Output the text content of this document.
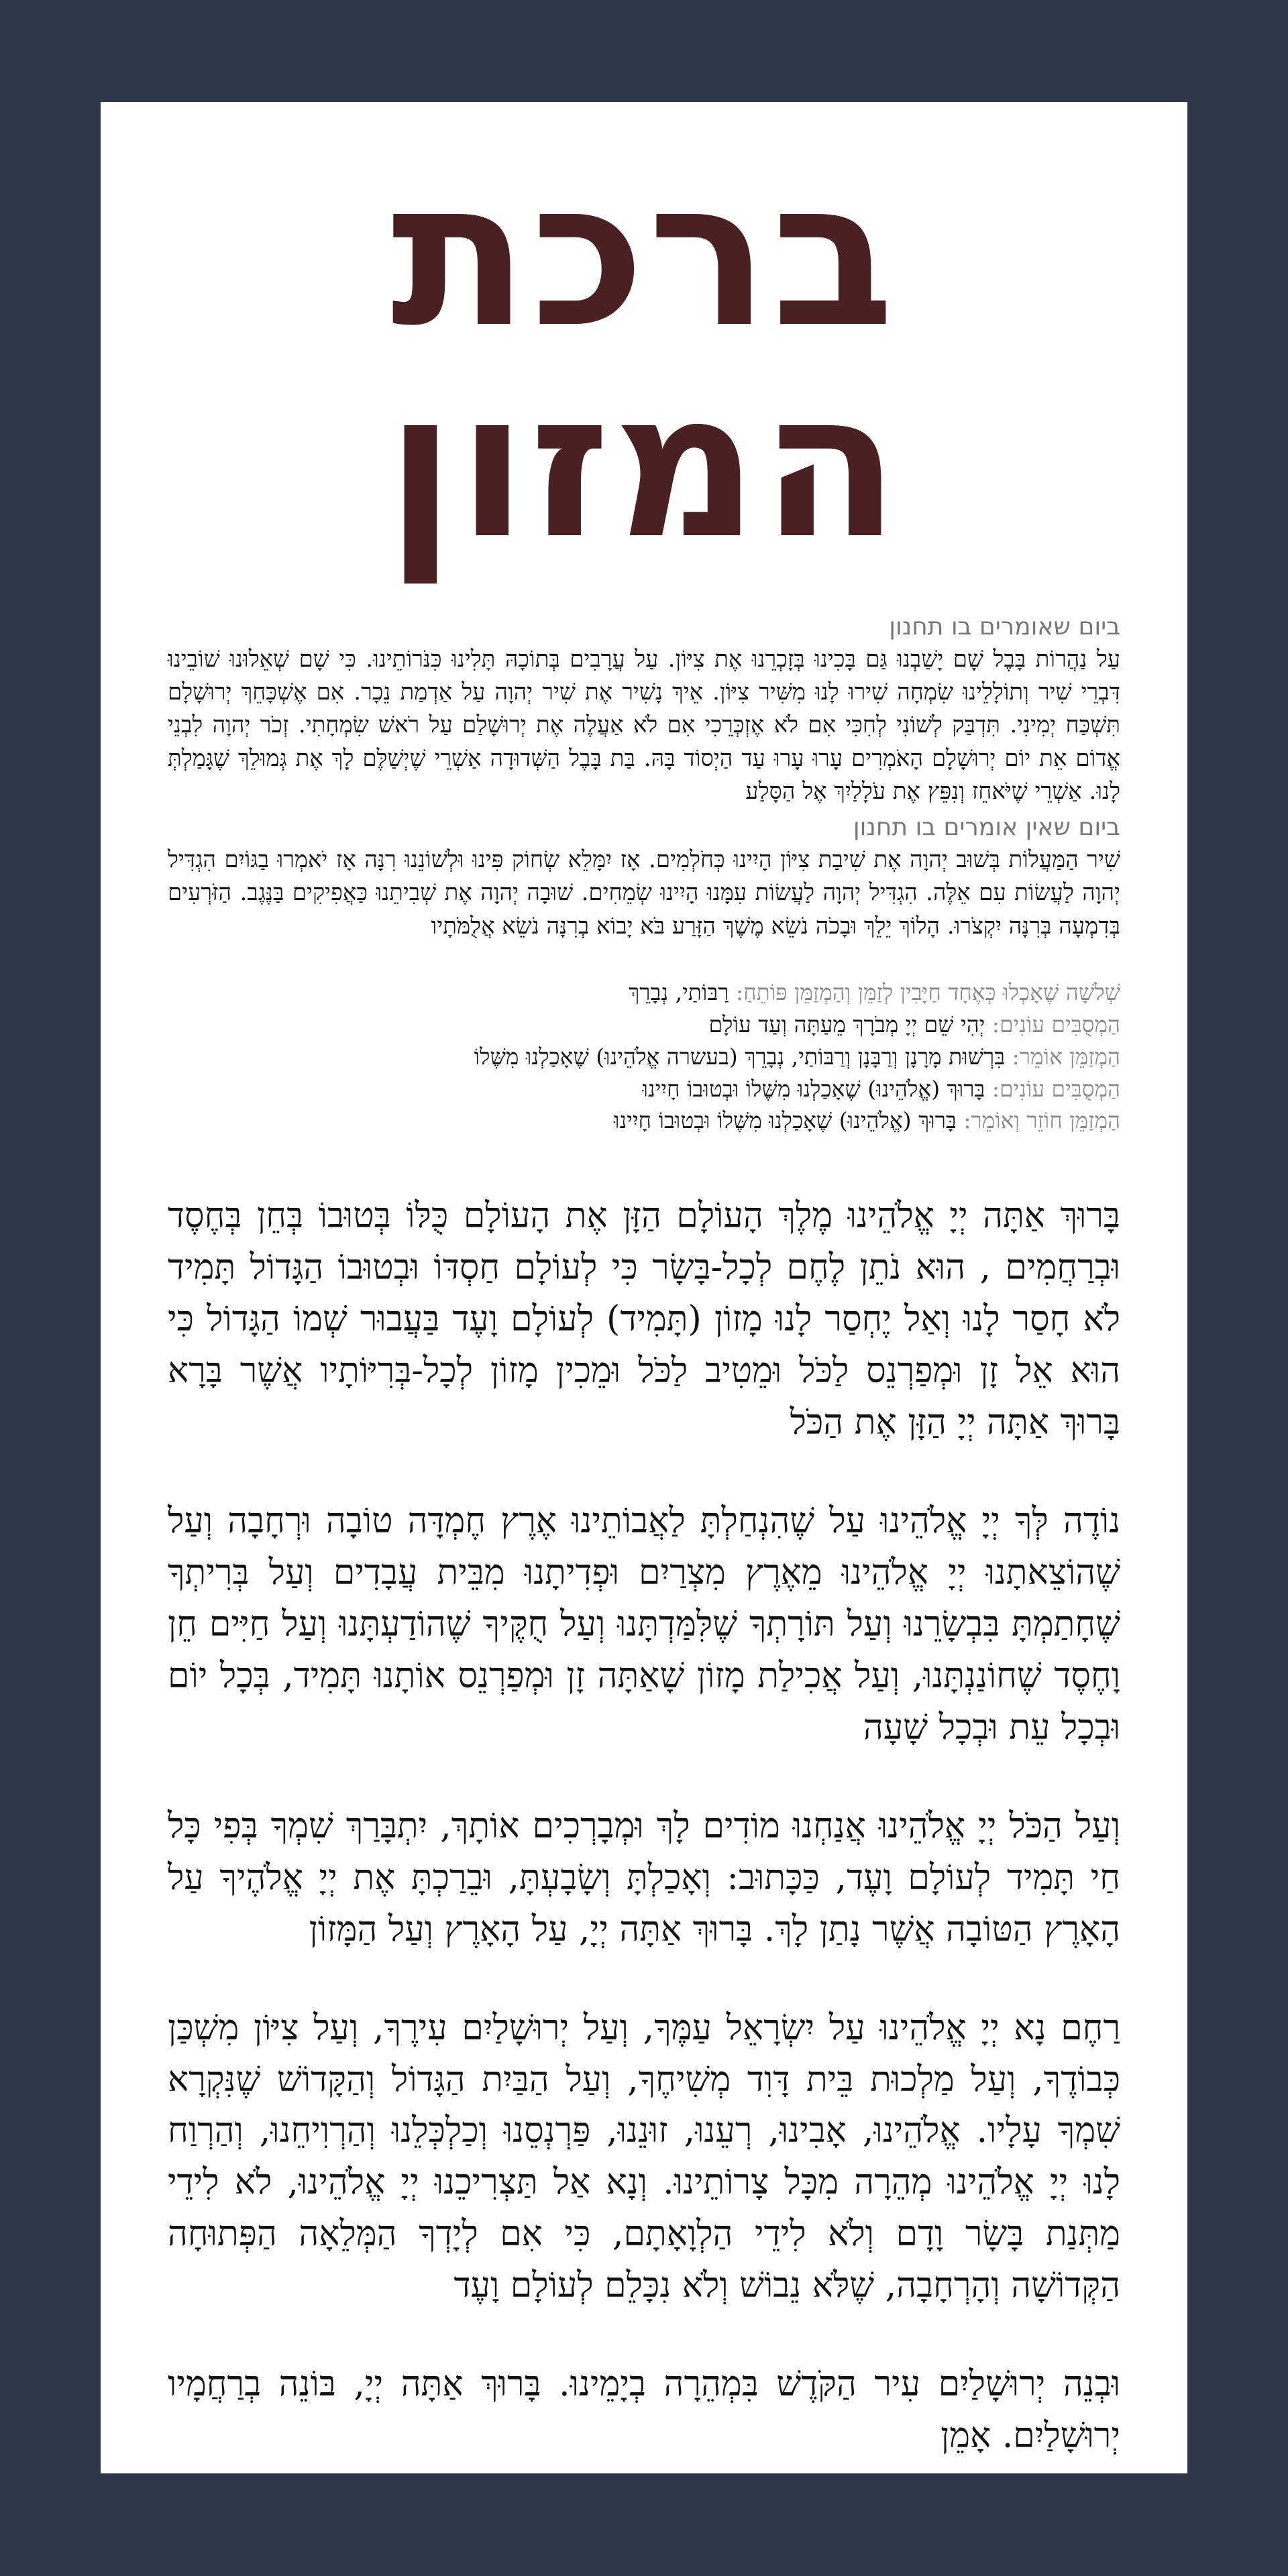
ברכת המזון
ביום שאומרים בו תחנון

עַל נַהֲרוֹת בָּבֶל שָׁם יָשַׁבְנוּ גַּם בָּכִינוּ בְּזָכְרֵנוּ אֶת צִיּוֹן. עַל עֲרָבִים בְּתוֹכָהּ תָּלִינוּ כִּנֹּרוֹתֵינוּ. כִּי שָׁם שְׁאֵלוּנוּ שׁוֹבֵינוּ דִּבְרֵי שִׁיר וְתוֹלָלֵינוּ שִׂמְחָה שִׁירוּ לָנוּ מִשִּׁיר צִיּוֹן. אֵיךְ נָשִׁיר אֶת שִׁיר יְהוָה עַל אַדְמַת נֵכָר. אִם אֶשְׁכָּחֵךְ יְרוּשָׁלָם תִּשְׁכַּח יְמִינִי. תִּדְבַּק לְשׁוֹנִי לְחִכִּי אִם לֹא אֶזְכְּרֵכִי אִם לֹא אַעֲלֶה אֶת יְרוּשָׁלַם עַל רֹאשׁ שִׂמְחָתִי. זְכֹר יְהוָה לִבְנֵי אֱדוֹם אֵת יוֹם יְרוּשָׁלָם הָאֹמְרִים עָרוּ עָרוּ עַד הַיְסוֹד בָּהּ. בַּת בָּבֶל הַשְּׁדוּדָה אַשְׁרֵי שֶׁיְשַׁלֶּם לָךְ אֶת גְּמוּלֵךְ שֶׁגָּמַלְתְּ לָנוּ. אַשְׁרֵי שֶׁיֹּאחֵז וְנִפֵּץ אֶת עֹלָלַיִךְ אֶל הַסָּלַע

ביום שאין אומרים בו תחנון

שִׁיר הַמַּעֲלוֹת בְּשׁוּב יְהוָה אֶת שִׁיבַת צִיּוֹן הָיִינוּ כְּחֹלְמִים. אָז יִמָּלֵא שְׂחוֹק פִּינוּ וּלְשׁוֹנֵנוּ רִנָּה אָז יֹאמְרוּ בַגּוֹיִם הִגְדִּיל יְהוָה לַעֲשׂוֹת עִם אֵלֶּה. הִגְדִּיל יְהוָה לַעֲשׂוֹת עִמָּנוּ הָיִינוּ שְׂמֵחִים. שׁוּבָה יְהוָה אֶת שְׁבִיתֵנוּ כַּאֲפִיקִים בַּנֶּגֶב. הַזֹּרְעִים בְּדִמְעָה בְּרִנָּה יִקְצֹרוּ. הָלוֹךְ יֵלֵךְ וּבָכֹה נֹשֵׂא מֶשֶׁךְ הַזָּרַע בֹּא יָבוֹא בְרִנָּה נֹשֵׂא אֲלֻמֹּתָיו

שְׁלשָׁה שֶׁאָכְלוּ כְּאֶחָד חַיָּבִין לְזַמֵּן וְהַמְזַמֵּן פּוֹתֵחַ: רַבּוֹתַי, נְבָרֵךְ
הַמְסֻבִּים עוֹנִים: יְהִי שֵׁם יְיָ מְבֹרָךְ מֵעַתָּה וְעַד עוֹלָם
הַמְזַמֵּן אוֹמֵר: בִּרְשׁוּת מָרָנָן וְרַבָּנָן וְרַבּוֹתַי, נְבָרֵךְ (בעשרה אֱלֹהֵינוּ) שֶׁאָכַלְנוּ מִשֶּׁלוֹ
הַמְסֻבִּים עוֹנִים: בָּרוּךְ (אֱלֹהֵינוּ) שֶׁאָכַלְנוּ מִשֶּׁלוֹ וּבְטוּבוֹ חָיִינוּ
הַמְזַמֵּן חוֹזֵר וְאוֹמֵר: בָּרוּךְ (אֱלֹהֵינוּ) שֶׁאָכַלְנוּ מִשֶּׁלוֹ וּבְטוּבוֹ חָיִינוּ

בָּרוּךְ אַתָּה יְיָ אֱלֹהֵינוּ מֶלֶךְ הָעוֹלָם הַזָּן אֶת הָעוֹלָם כֻּלּוֹ בְּטוּבוֹ בְּחֵן בְּחֶסֶד וּבְרַחֲמִים , הוּא נֹתֵן לֶחֶם לְכָל-בָּשָׂר כִּי לְעוֹלָם חַסְדּוֹ וּבְטוּבוֹ הַגָּדוֹל תָּמִיד לֹא חָסַר לָנוּ וְאַל יֶחְסַר לָנוּ מָזוֹן (תָּמִיד) לְעוֹלָם וָעֶד בַּעֲבוּר שְׁמוֹ הַגָּדוֹל כִּי הוּא אֵל זָן וּמְפַרְנֵס לַכֹּל וּמֵטִיב לַכֹּל וּמֵכִין מָזוֹן לְכָל-בְּרִיּוֹתָיו אֲשֶׁר בָּרָא בָּרוּךְ אַתָּה יְיָ הַזָּן אֶת הַכֹּל

נוֹדֶה לְּךָ יְיָ אֱלֹהֵינוּ עַל שֶׁהִנְחַלְתָּ לַאֲבוֹתֵינוּ אֶרֶץ חֶמְדָּה טוֹבָה וּרְחָבָה וְעַל שֶׁהוֹצֵאתָנוּ יְיָ אֱלֹהֵינוּ מֵאֶרֶץ מִצְרַיִם וּפְדִיתָנוּ מִבֵּית עֲבָדִים וְעַל בְּרִיתְךָ שֶׁחָתַמְתָּ בִּבְשָׂרֵנוּ וְעַל תּוֹרָתְךָ שֶׁלִּמַּדְתָּנוּ וְעַל חֻקֶּיךָ שֶׁהוֹדַעְתָּנוּ וְעַל חַיִּים חֵן וָחֶסֶד שֶׁחוֹנַנְתָּנוּ, וְעַל אֲכִילַת מָזוֹן שָׁאַתָּה זָן וּמְפַרְנֵס אוֹתָנוּ תָּמִיד, בְּכָל יוֹם וּבְכָל עֵת וּבְכָל שָׁעָה

וְעַל הַכֹּל יְיָ אֱלֹהֵינוּ אֲנַחְנוּ מוֹדִים לָךְ וּמְבָרְכִים אוֹתָךְ, יִתְבָּרַךְ שִׁמְךָ בְּפִי כָּל חַי תָּמִיד לְעוֹלָם וָעֶד, כַּכָּתוּב: וְאָכַלְתָּ וְשָׂבָעְתָּ, וּבֵרַכְתָּ אֶת יְיָ אֱלֹהֶיךָ עַל הָאָרֶץ הַטּוֹבָה אֲשֶׁר נָתַן לָךְ. בָּרוּךְ אַתָּה יְיָ, עַל הָאָרֶץ וְעַל הַמָּזוֹן

רַחֶם נָא יְיָ אֱלֹהֵינוּ עַל יִשְׂרָאֵל עַמֶּךָ, וְעַל יְרוּשָׁלַיִם עִירֶךָ, וְעַל צִיּוֹן מִשְׁכַּן כְּבוֹדֶךָ, וְעַל מַלְכוּת בֵּית דָּוִד מְשִׁיחֶךָ, וְעַל הַבַּיִת הַגָּדוֹל וְהַקָּדוֹשׁ שֶׁנִּקְרָא שִׁמְךָ עָלָיו. אֱלֹהֵינוּ, אָבִינוּ, רְעֵנוּ, זוּנֵנוּ, פַּרְנְסֵנוּ וְכַלְכְּלֵנוּ וְהַרְוִיחֵנוּ, וְהַרְוַח לָנוּ יְיָ אֱלֹהֵינוּ מְהֵרָה מִכָּל צָרוֹתֵינוּ. וְנָא אַל תַּצְרִיכֵנוּ יְיָ אֱלֹהֵינוּ, לֹא לִידֵי מַתְּנַת בָּשָׂר וָדָם וְלֹא לִידֵי הַלְוָאָתָם, כִּי אִם לְיָדְךָ הַמְּלֵאָה הַפְּתוּחָה הַקְּדוֹשָׁה וְהָרְחָבָה, שֶׁלֹּא נֵבוֹשׁ וְלֹא נִכָּלֵם לְעוֹלָם וָעֶד

וּבְנֵה יְרוּשָׁלַיִם עִיר הַקֹּדֶשׁ בִּמְהֵרָה בְיָמֵינוּ. בָּרוּךְ אַתָּה יְיָ, בּוֹנֵה בְרַחֲמָיו יְרוּשָׁלַיִם. אָמֵן
